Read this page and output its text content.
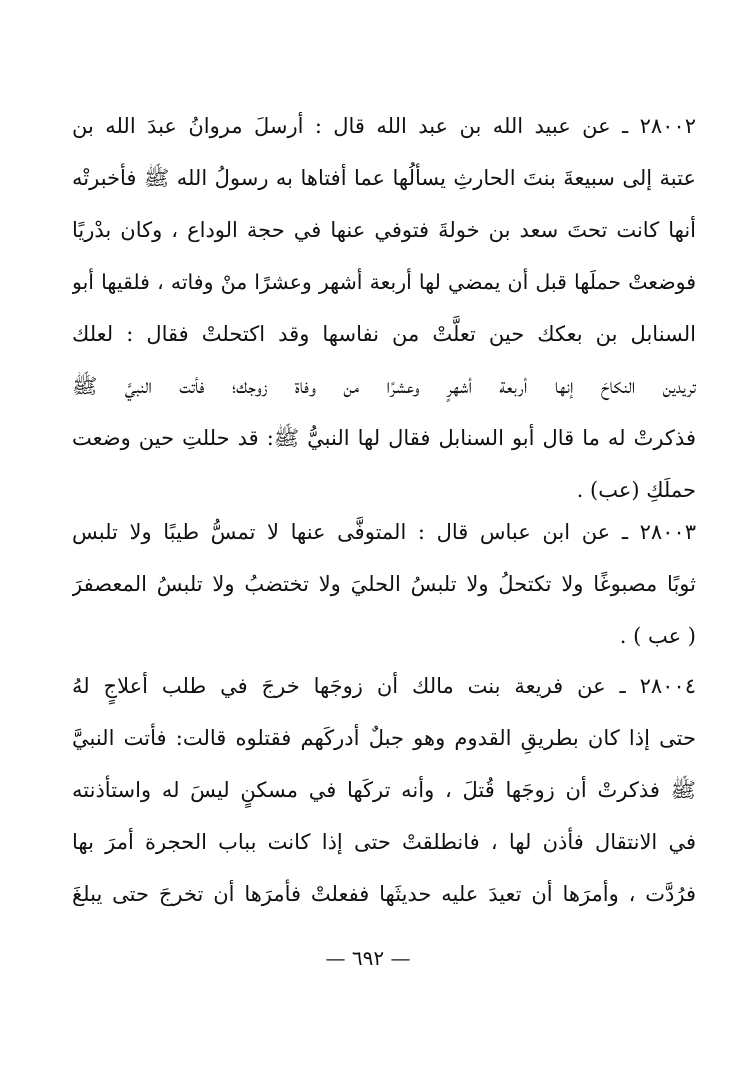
٢٨٠٠٢ ـ عن عبيد الله بن عبد الله قال : أرسلَ مروانُ عبدَ الله بن
عتبة إلى سبيعةَ بنتَ الحارثِ يسألُها عما أفتاها به رسولُ الله ﷺ فأخبرتْه
أنها كانت تحتَ سعد بن خولةَ فتوفي عنها في حجة الوداع ، وكان بدْريًا
فوضعتْ حملَها قبل أن يمضي لها أربعة أشهر وعشرًا منْ وفاته ، فلقيها أبو
السنابل بن بعكك حين تعلَّتْ من نفاسها وقد اكتحلتْ فقال : لعلك
تريدين النكاحَ إنها أربعة أشهرٍ وعشرًا من وفاة زوجك؛ فأتت النبيَّ ﷺ
فذكرتْ له ما قال أبو السنابل فقال لها النبيُّ ﷺ: قد حللتِ حين وضعت
حملَكِ (عب) .
٢٨٠٠٣ ـ عن ابن عباس قال : المتوفَّى عنها لا تمسُّ طيبًا ولا تلبس
ثوبًا مصبوغًا ولا تكتحلُ ولا تلبسُ الحليَ ولا تختضبُ ولا تلبسُ المعصفرَ
( عب ) .
٢٨٠٠٤ ـ عن فريعة بنت مالك أن زوجَها خرجَ في طلب أعلاجٍ لهُ
حتى إذا كان بطريقِ القدوم وهو جبلٌ أدركَهم فقتلوه قالت: فأتت النبيَّ
ﷺ فذكرتْ أن زوجَها قُتلَ ، وأنه تركَها في مسكنٍ ليسَ له واستأذنته
في الانتقال فأذن لها ، فانطلقتْ حتى إذا كانت بباب الحجرة أمرَ بها
فرُدَّت ، وأمرَها أن تعيدَ عليه حديثَها ففعلتْ فأمرَها أن تخرجَ حتى يبلغَ
— ٦٩٢ —
